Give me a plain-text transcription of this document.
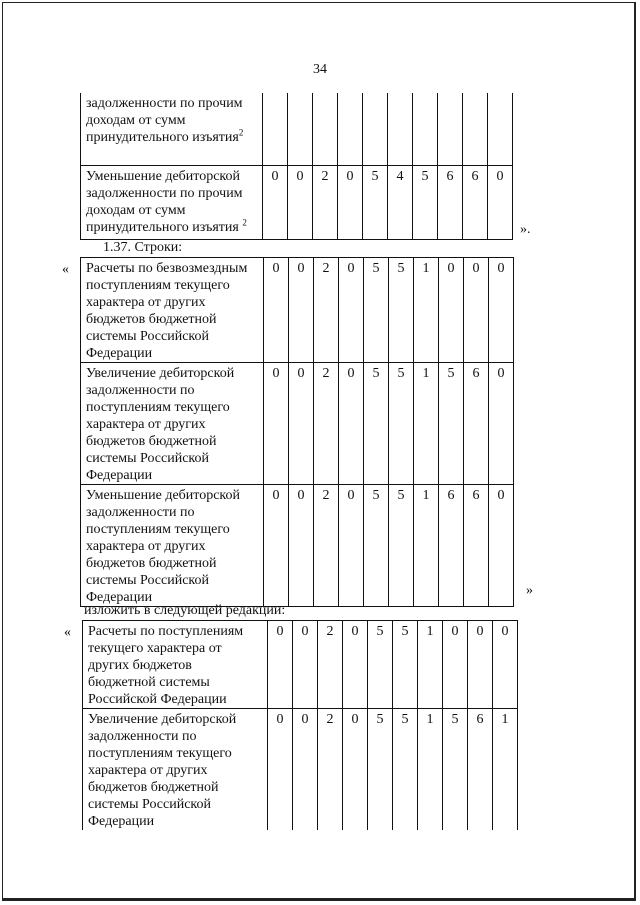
34
задолженности по прочим доходам от сумм принудительного изъятия$^2$										
Уменьшение дебиторской задолженности по прочим доходам от сумм принудительного изъятия $^2$	0	0	2	0	5	4	5	6	6	0
».
1.37. Строки:
« Расчеты по безвозмездным поступлениям текущего характера от других бюджетов бюджетной системы Российской Федерации	0	0	2	0	5	5	1	0	0	0
Увеличение дебиторской задолженности по поступлениям текущего характера от других бюджетов бюджетной системы Российской Федерации	0	0	2	0	5	5	1	5	6	0
Уменьшение дебиторской задолженности по поступлениям текущего характера от других бюджетов бюджетной системы Российской Федерации	0	0	2	0	5	5	1	6	6	0
»
изложить в следующей редакции:
« Расчеты по поступлениям текущего характера от других бюджетов бюджетной системы Российской Федерации	0	0	2	0	5	5	1	0	0	0
Увеличение дебиторской задолженности по поступлениям текущего характера от других бюджетов бюджетной системы Российской Федерации	0	0	2	0	5	5	1	5	6	1
